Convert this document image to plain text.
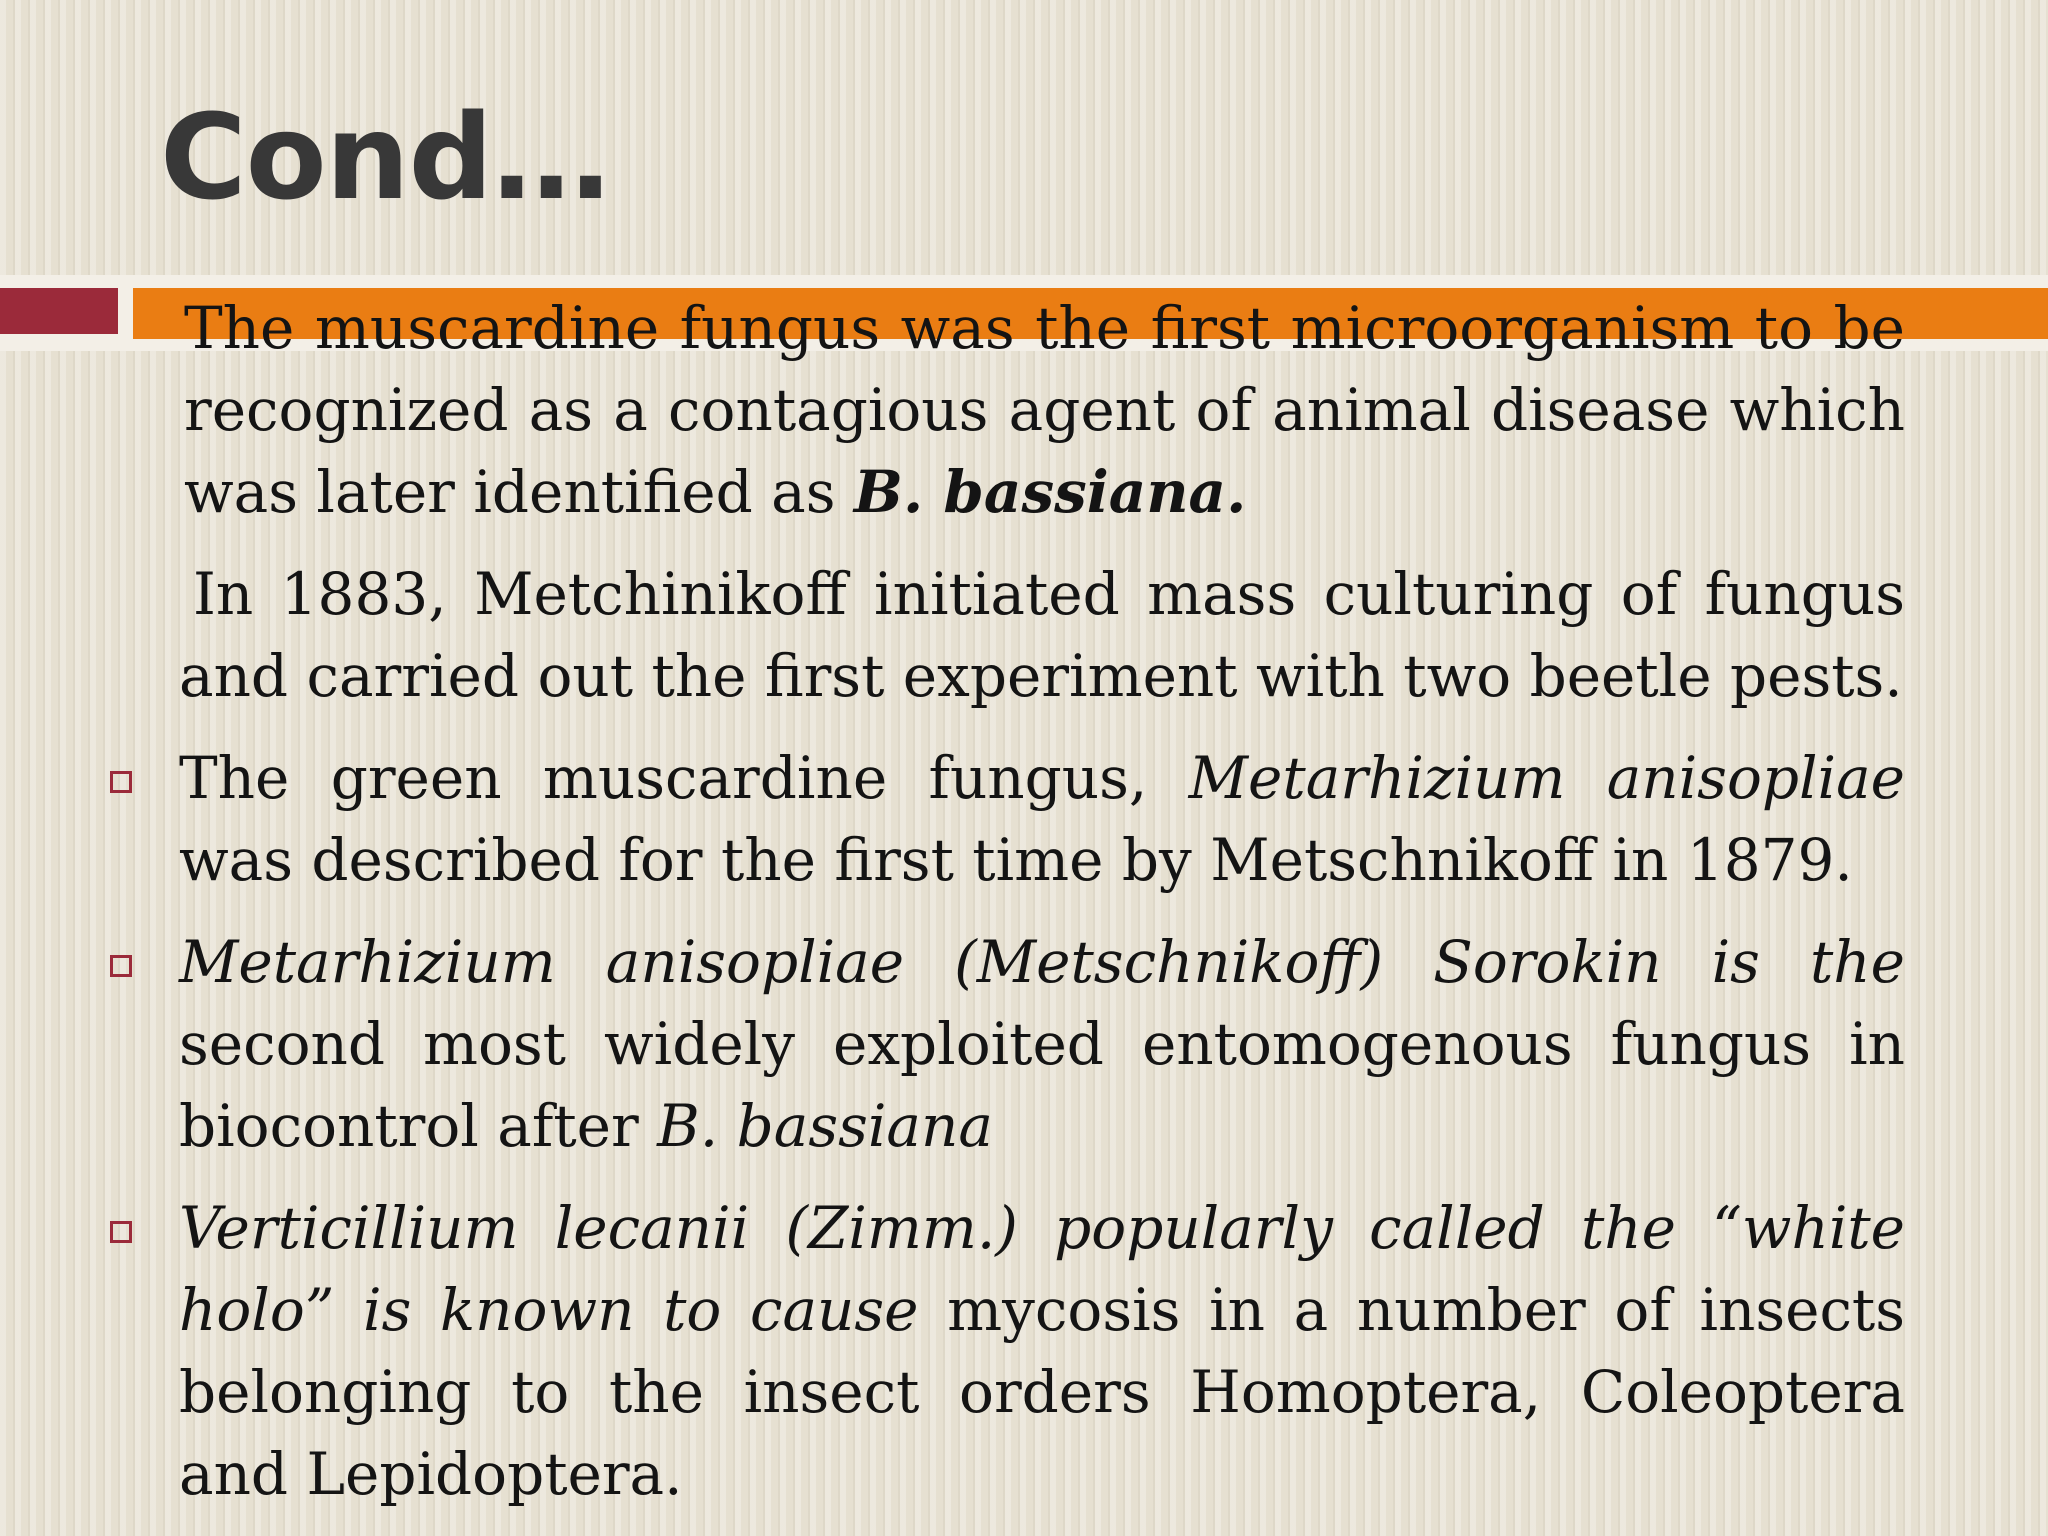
Cond…

The muscardine fungus was the first microorganism to be recognized as a contagious agent of animal disease which was later identified as B. bassiana.

In 1883, Metchinikoff initiated mass culturing of fungus and carried out the first experiment with two beetle pests.

The green muscardine fungus, Metarhizium anisopliae was described for the first time by Metschnikoff in 1879.

Metarhizium anisopliae (Metschnikoff) Sorokin is the second most widely exploited entomogenous fungus in biocontrol after B. bassiana

Verticillium lecanii (Zimm.) popularly called the “white holo” is known to cause mycosis in a number of insects belonging to the insect orders Homoptera, Coleoptera and Lepidoptera.
